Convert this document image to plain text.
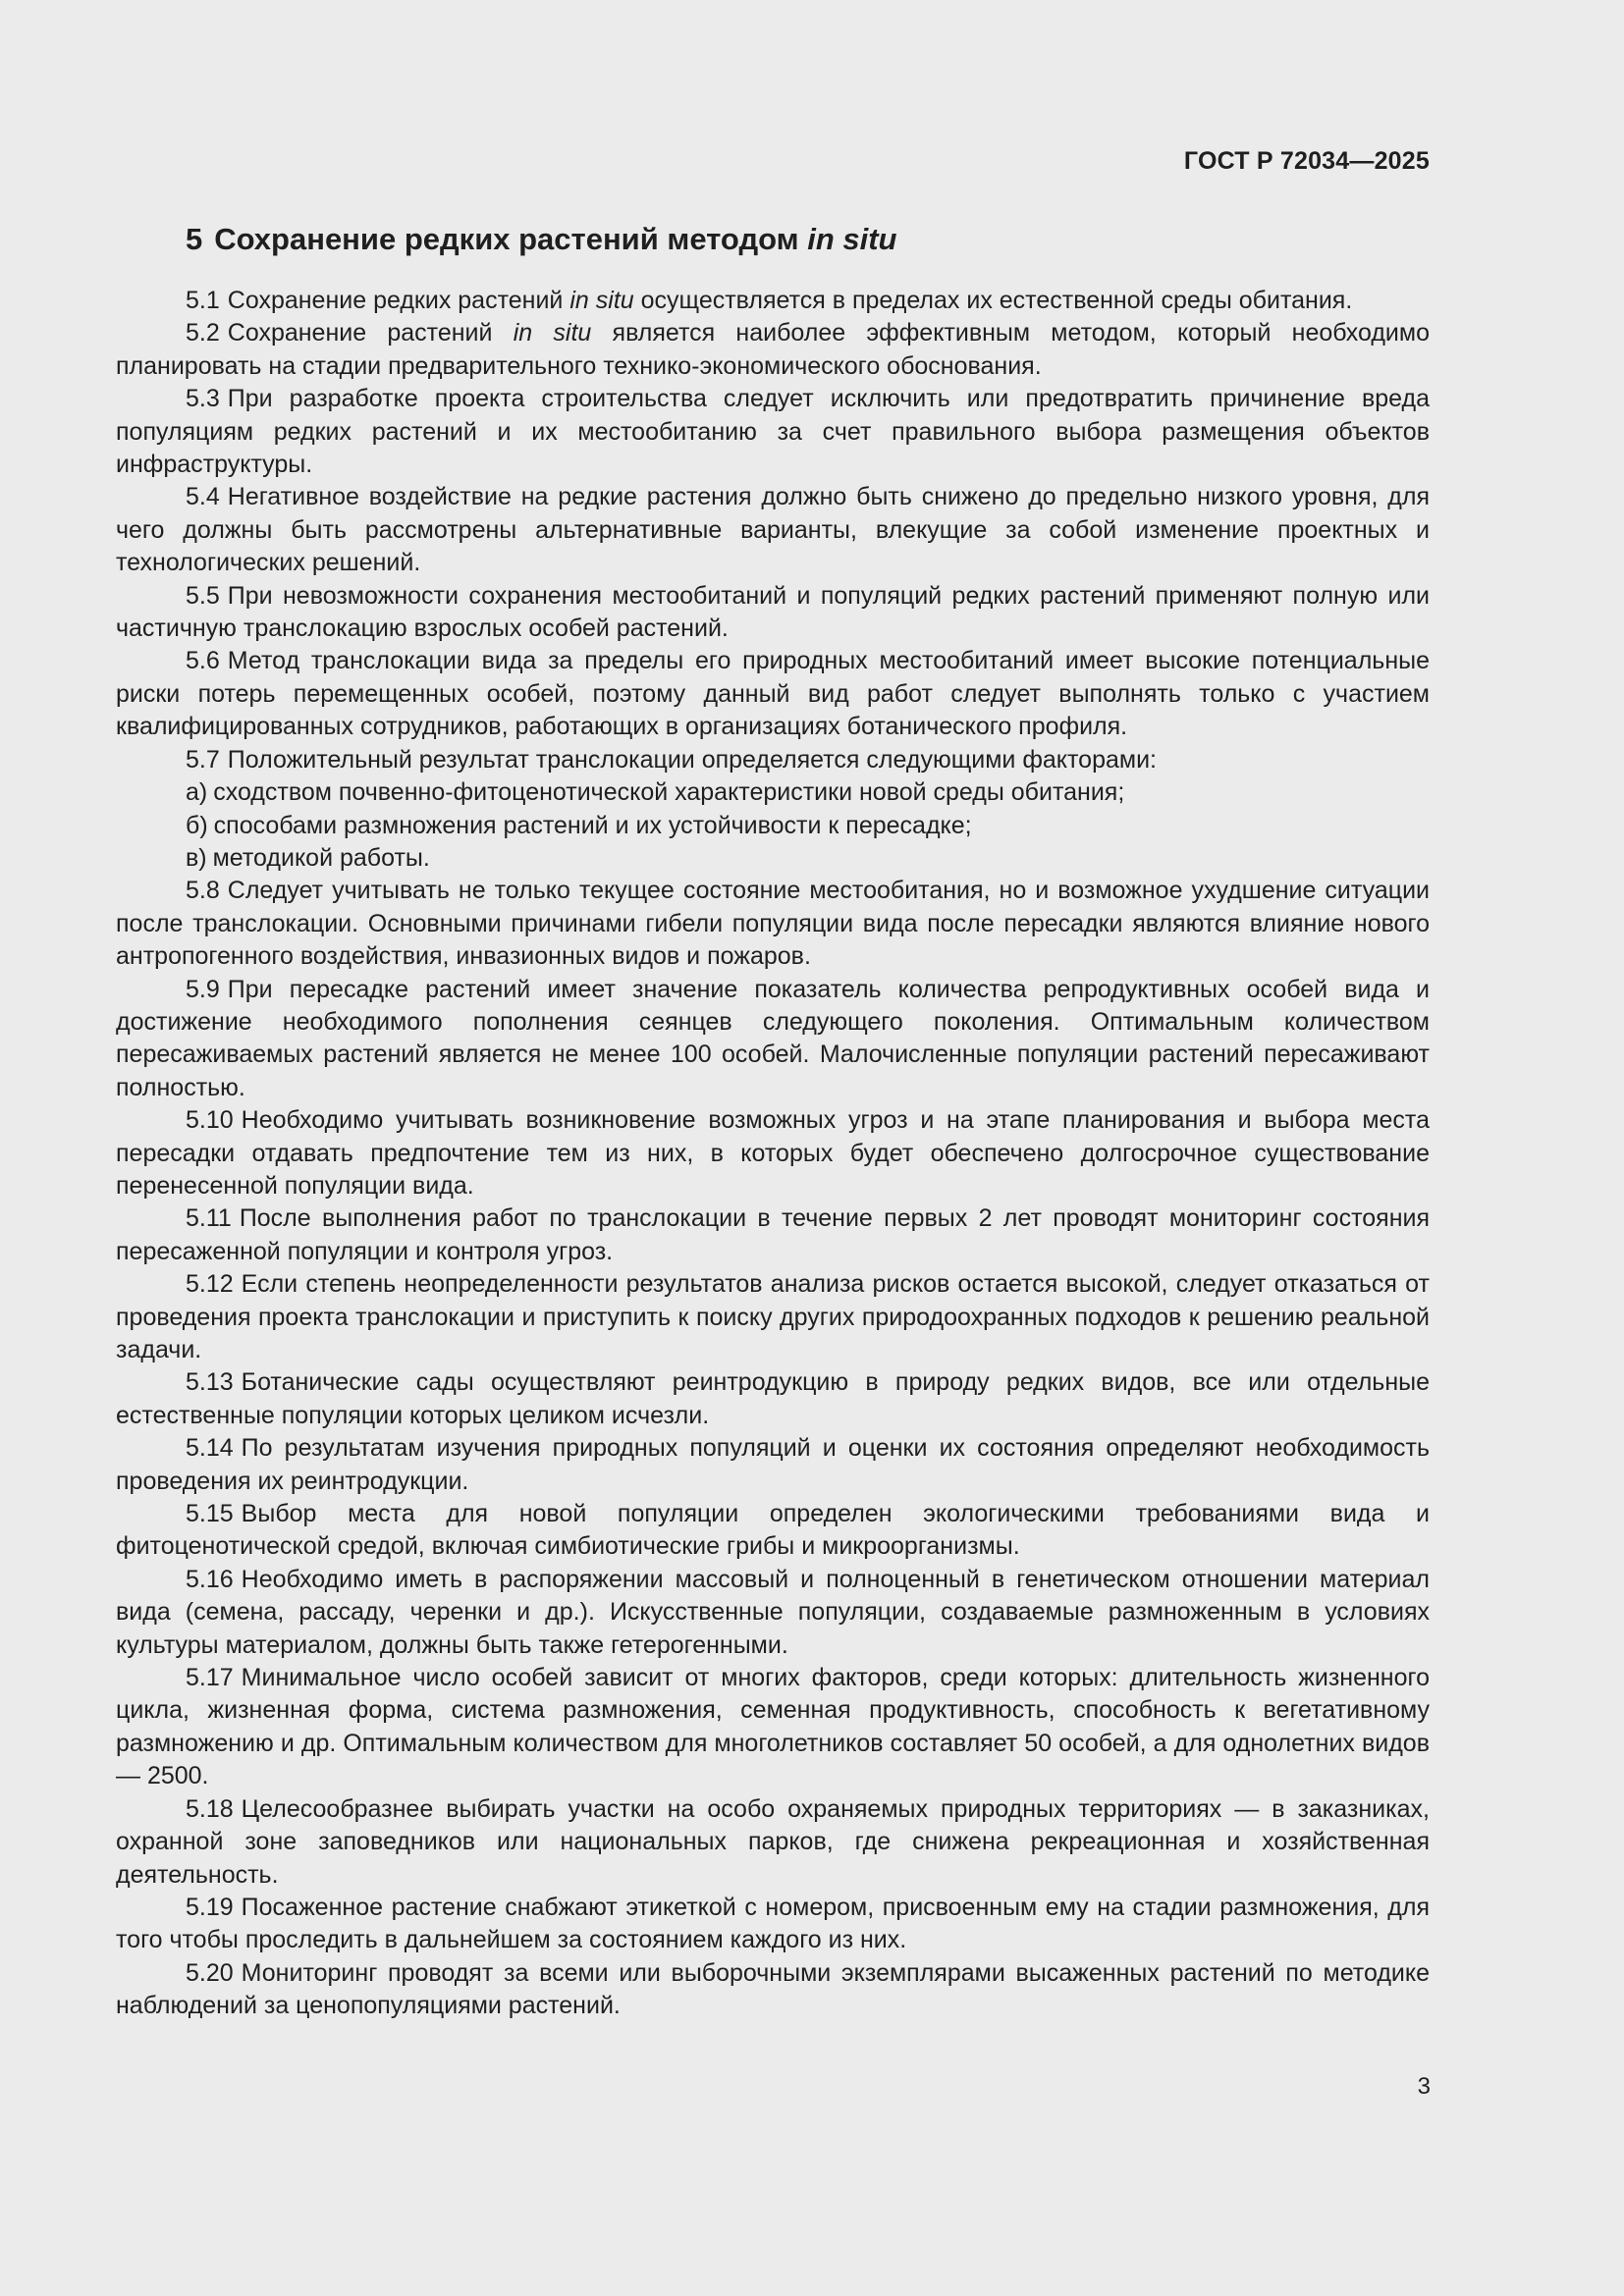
ГОСТ Р 72034—2025
5 Сохранение редких растений методом in situ

5.1 Сохранение редких растений in situ осуществляется в пределах их естественной среды обитания.

5.2 Сохранение растений in situ является наиболее эффективным методом, который необходимо планировать на стадии предварительного технико-экономического обоснования.

5.3 При разработке проекта строительства следует исключить или предотвратить причинение вреда популяциям редких растений и их местообитанию за счет правильного выбора размещения объектов инфраструктуры.

5.4 Негативное воздействие на редкие растения должно быть снижено до предельно низкого уровня, для чего должны быть рассмотрены альтернативные варианты, влекущие за собой изменение проектных и технологических решений.

5.5 При невозможности сохранения местообитаний и популяций редких растений применяют полную или частичную транслокацию взрослых особей растений.

5.6 Метод транслокации вида за пределы его природных местообитаний имеет высокие потенциальные риски потерь перемещенных особей, поэтому данный вид работ следует выполнять только с участием квалифицированных сотрудников, работающих в организациях ботанического профиля.

5.7 Положительный результат транслокации определяется следующими факторами:

а) сходством почвенно-фитоценотической характеристики новой среды обитания;

б) способами размножения растений и их устойчивости к пересадке;

в) методикой работы.

5.8 Следует учитывать не только текущее состояние местообитания, но и возможное ухудшение ситуации после транслокации. Основными причинами гибели популяции вида после пересадки являются влияние нового антропогенного воздействия, инвазионных видов и пожаров.

5.9 При пересадке растений имеет значение показатель количества репродуктивных особей вида и достижение необходимого пополнения сеянцев следующего поколения. Оптимальным количеством пересаживаемых растений является не менее 100 особей. Малочисленные популяции растений пересаживают полностью.

5.10 Необходимо учитывать возникновение возможных угроз и на этапе планирования и выбора места пересадки отдавать предпочтение тем из них, в которых будет обеспечено долгосрочное существование перенесенной популяции вида.

5.11 После выполнения работ по транслокации в течение первых 2 лет проводят мониторинг состояния пересаженной популяции и контроля угроз.

5.12 Если степень неопределенности результатов анализа рисков остается высокой, следует отказаться от проведения проекта транслокации и приступить к поиску других природоохранных подходов к решению реальной задачи.

5.13 Ботанические сады осуществляют реинтродукцию в природу редких видов, все или отдельные естественные популяции которых целиком исчезли.

5.14 По результатам изучения природных популяций и оценки их состояния определяют необходимость проведения их реинтродукции.

5.15 Выбор места для новой популяции определен экологическими требованиями вида и фитоценотической средой, включая симбиотические грибы и микроорганизмы.

5.16 Необходимо иметь в распоряжении массовый и полноценный в генетическом отношении материал вида (семена, рассаду, черенки и др.). Искусственные популяции, создаваемые размноженным в условиях культуры материалом, должны быть также гетерогенными.

5.17 Минимальное число особей зависит от многих факторов, среди которых: длительность жизненного цикла, жизненная форма, система размножения, семенная продуктивность, способность к вегетативному размножению и др. Оптимальным количеством для многолетников составляет 50 особей, а для однолетних видов — 2500.

5.18 Целесообразнее выбирать участки на особо охраняемых природных территориях — в заказниках, охранной зоне заповедников или национальных парков, где снижена рекреационная и хозяйственная деятельность.

5.19 Посаженное растение снабжают этикеткой с номером, присвоенным ему на стадии размножения, для того чтобы проследить в дальнейшем за состоянием каждого из них.

5.20 Мониторинг проводят за всеми или выборочными экземплярами высаженных растений по методике наблюдений за ценопопуляциями растений.

3
